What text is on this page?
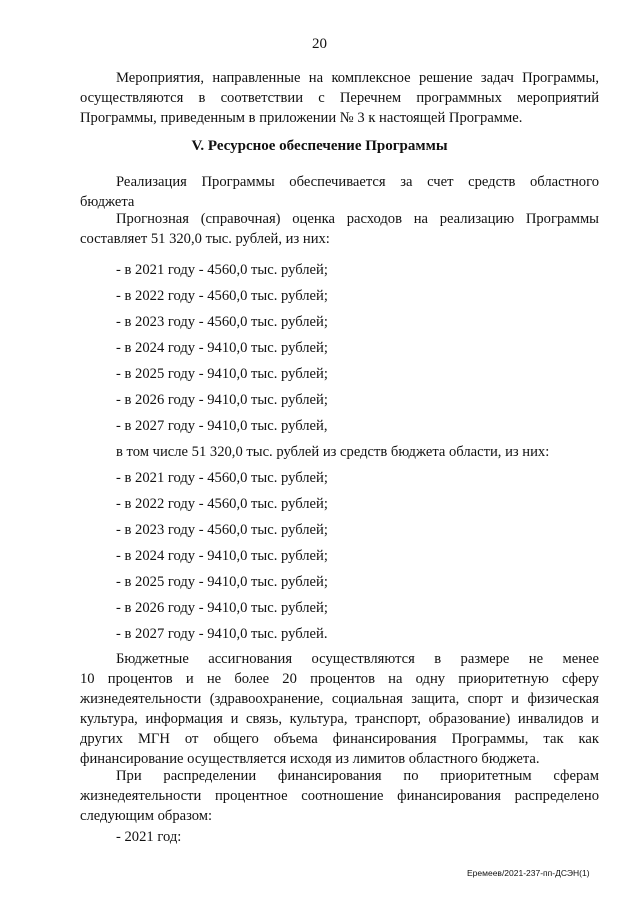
20
Мероприятия, направленные на комплексное решение задач Программы,
осуществляются в соответствии с Перечнем программных мероприятий
Программы, приведенным в приложении № 3 к настоящей Программе.
V. Ресурсное обеспечение Программы
Реализация Программы обеспечивается за счет средств областного
бюджета
Прогнозная (справочная) оценка расходов на реализацию Программы
составляет 51 320,0 тыс. рублей, из них:
- в 2021 году - 4560,0 тыс. рублей;
- в 2022 году - 4560,0 тыс. рублей;
- в 2023 году - 4560,0 тыс. рублей;
- в 2024 году - 9410,0 тыс. рублей;
- в 2025 году - 9410,0 тыс. рублей;
- в 2026 году - 9410,0 тыс. рублей;
- в 2027 году - 9410,0 тыс. рублей,
в том числе 51 320,0 тыс. рублей из средств бюджета области, из них:
- в 2021 году - 4560,0 тыс. рублей;
- в 2022 году - 4560,0 тыс. рублей;
- в 2023 году - 4560,0 тыс. рублей;
- в 2024 году - 9410,0 тыс. рублей;
- в 2025 году - 9410,0 тыс. рублей;
- в 2026 году - 9410,0 тыс. рублей;
- в 2027 году - 9410,0 тыс. рублей.
Бюджетные ассигнования осуществляются в размере не менее
10 процентов и не более 20 процентов на одну приоритетную сферу
жизнедеятельности (здравоохранение, социальная защита, спорт и физическая
культура, информация и связь, культура, транспорт, образование) инвалидов и
других МГН от общего объема финансирования Программы, так как
финансирование осуществляется исходя из лимитов областного бюджета.
При распределении финансирования по приоритетным сферам
жизнедеятельности процентное соотношение финансирования распределено
следующим образом:
- 2021 год:
Еремеев/2021-237-пп-ДСЭН(1)
